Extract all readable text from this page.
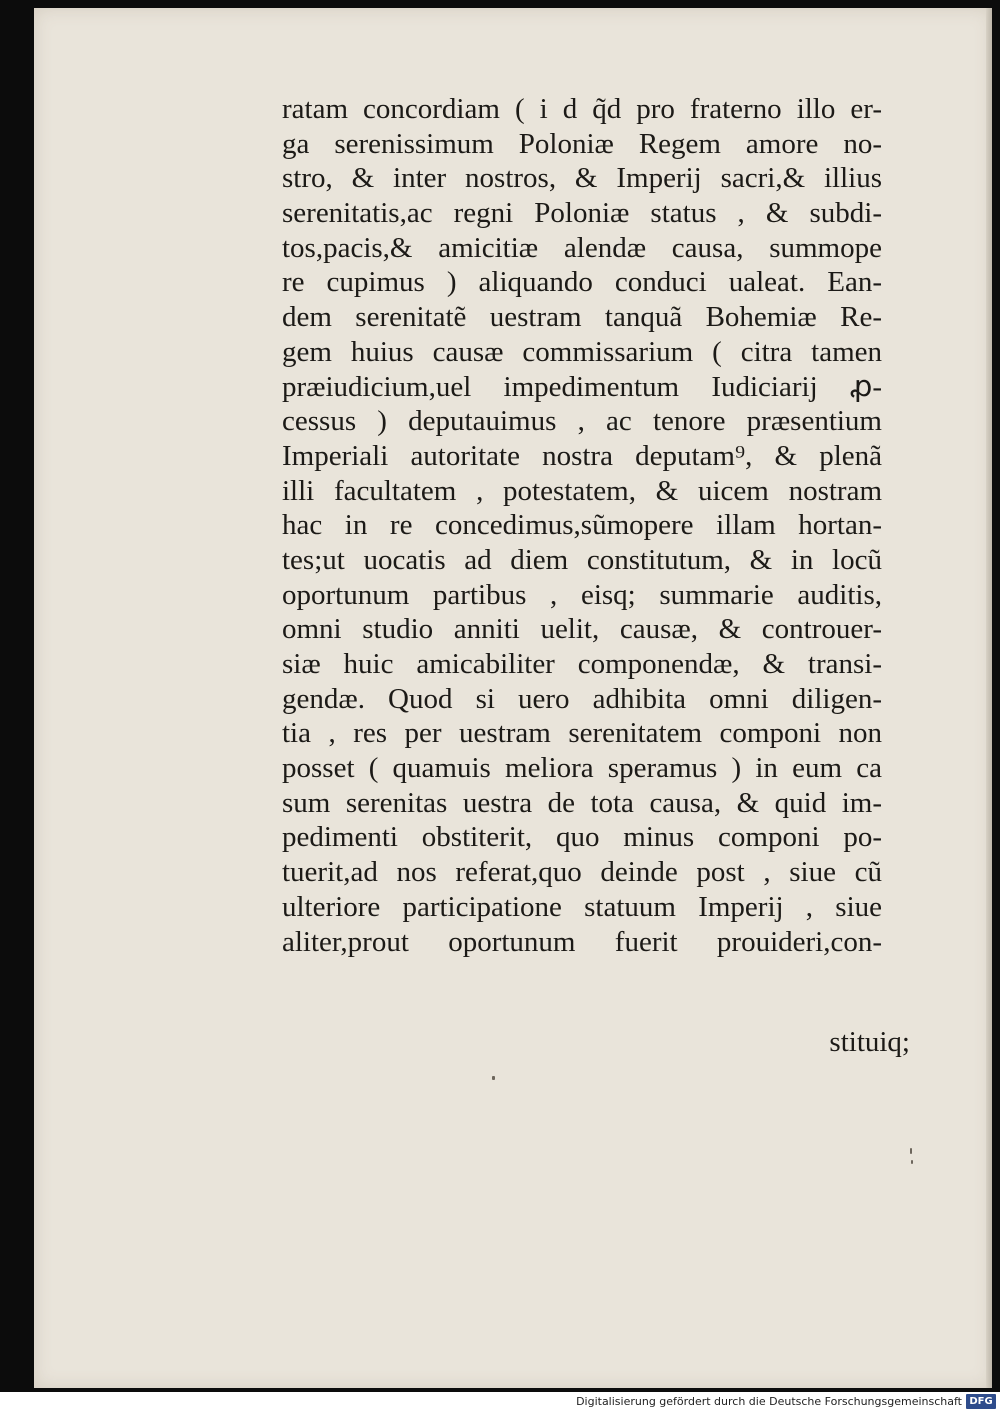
ratam concordiam ( i d q̃d pro fraterno illo er-
ga serenissimum Poloniæ Regem amore no-
stro, & inter nostros, & Imperij sacri,& illius
serenitatis,ac regni Poloniæ status , & subdi-
tos,pacis,& amicitiæ alendæ causa, summope
re cupimus ) aliquando conduci ualeat. Ean-
dem serenitatẽ uestram tanquã Bohemiæ Re-
gem huius causæ commissarium ( citra tamen
præiudicium,uel impedimentum Iudiciarij ꝓ-
cessus ) deputauimus , ac tenore præsentium
Imperiali autoritate nostra deputam⁹, & plenã
illi facultatem , potestatem, & uicem nostram
hac in re concedimus,sũmopere illam hortan-
tes;ut uocatis ad diem constitutum, & in locũ
oportunum partibus , eisq; summarie auditis,
omni studio anniti uelit, causæ, & controuer-
siæ huic amicabiliter componendæ, & transi-
gendæ. Quod si uero adhibita omni diligen-
tia , res per uestram serenitatem componi non
posset ( quamuis meliora speramus ) in eum ca
sum serenitas uestra de tota causa, & quid im-
pedimenti obstiterit, quo minus componi po-
tuerit,ad nos referat,quo deinde post , siue cũ
ulteriore participatione statuum Imperij , siue
aliter,prout oportunum fuerit prouideri,con-
stituiq;
Digitalisierung gefördert durch die Deutsche Forschungsgemeinschaft DFG
